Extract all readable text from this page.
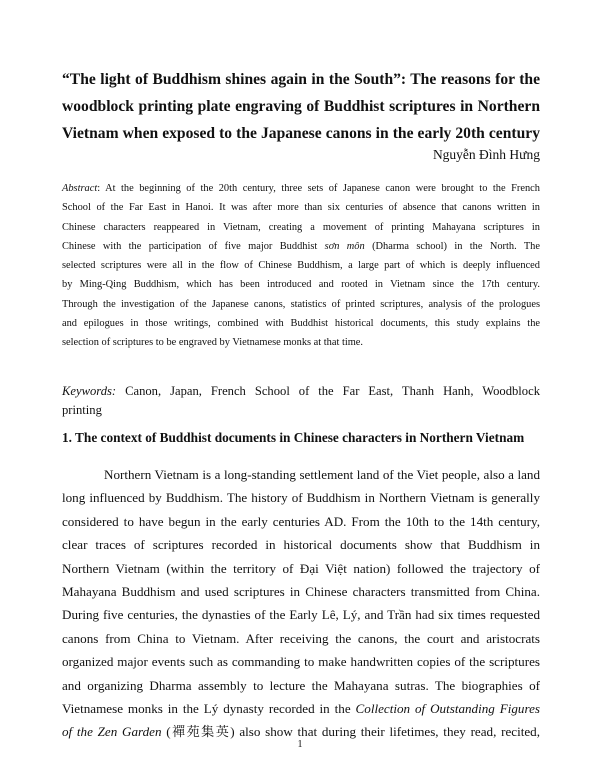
“The light of Buddhism shines again in the South”: The reasons for the
woodblock printing plate engraving of Buddhist scriptures in Northern
Vietnam when exposed to the Japanese canons in the early 20th century
Nguyễn Đình Hưng
Abstract: At the beginning of the 20th century, three sets of Japanese canon were brought to the French
School of the Far East in Hanoi. It was after more than six centuries of absence that canons written in
Chinese characters reappeared in Vietnam, creating a movement of printing Mahayana scriptures in
Chinese with the participation of five major Buddhist sơn môn (Dharma school) in the North. The
selected scriptures were all in the flow of Chinese Buddhism, a large part of which is deeply influenced
by Ming-Qing Buddhism, which has been introduced and rooted in Vietnam since the 17th century.
Through the investigation of the Japanese canons, statistics of printed scriptures, analysis of the prologues
and epilogues in those writings, combined with Buddhist historical documents, this study explains the
selection of scriptures to be engraved by Vietnamese monks at that time.
Keywords: Canon, Japan, French School of the Far East, Thanh Hanh, Woodblock
printing
1. The context of Buddhist documents in Chinese characters in Northern Vietnam
Northern Vietnam is a long-standing settlement land of the Viet people, also a land
long influenced by Buddhism. The history of Buddhism in Northern Vietnam is generally
considered to have begun in the early centuries AD. From the 10th to the 14th century,
clear traces of scriptures recorded in historical documents show that Buddhism in
Northern Vietnam (within the territory of Đại Việt nation) followed the trajectory of
Mahayana Buddhism and used scriptures in Chinese characters transmitted from China.
During five centuries, the dynasties of the Early Lê, Lý, and Trần had six times requested
canons from China to Vietnam. After receiving the canons, the court and aristocrats
organized major events such as commanding to make handwritten copies of the scriptures
and organizing Dharma assembly to lecture the Mahayana sutras. The biographies of
Vietnamese monks in the Lý dynasty recorded in the Collection of Outstanding Figures
of the Zen Garden (禪苑集英) also show that during their lifetimes, they read, recited,
1
